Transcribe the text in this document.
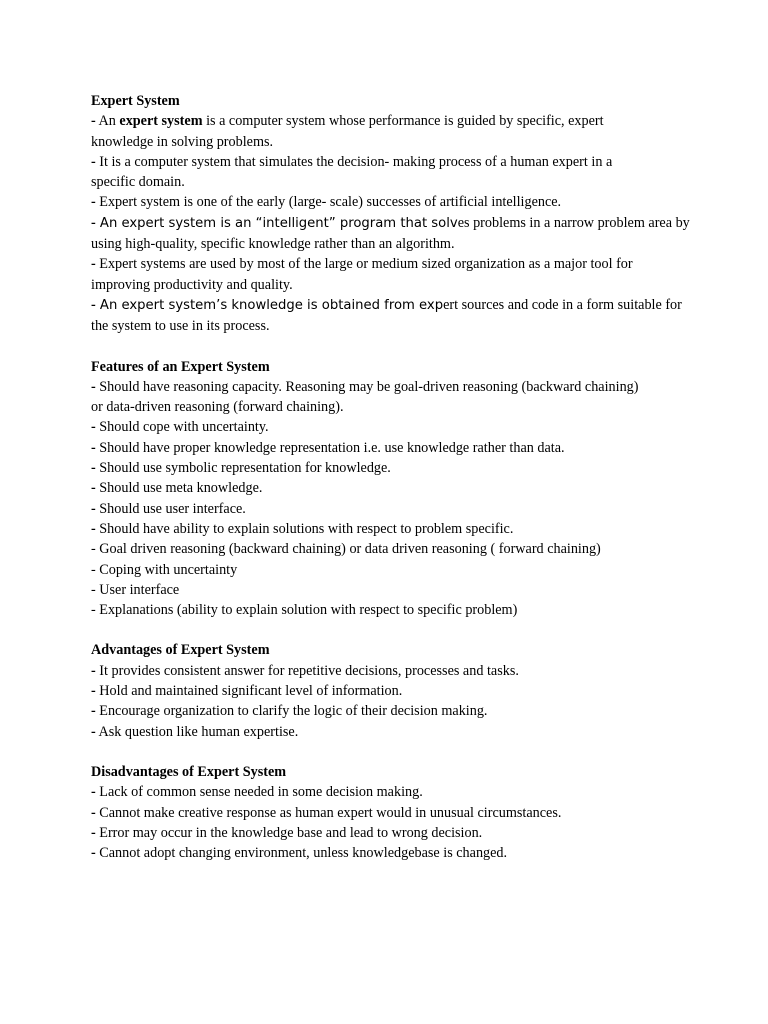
Expert System
- An expert system is a computer system whose performance is guided by specific, expert
knowledge in solving problems.
- It is a computer system that simulates the decision- making process of a human expert in a
specific domain.
- Expert system is one of the early (large- scale) successes of artificial intelligence.
- An expert system is an “intelligent” program that solves problems in a narrow problem area by
using high-quality, specific knowledge rather than an algorithm.
- Expert systems are used by most of the large or medium sized organization as a major tool for
improving productivity and quality.
- An expert system’s knowledge is obtained from expert sources and code in a form suitable for
the system to use in its process.
Features of an Expert System
- Should have reasoning capacity. Reasoning may be goal-driven reasoning (backward chaining)
or data-driven reasoning (forward chaining).
- Should cope with uncertainty.
- Should have proper knowledge representation i.e. use knowledge rather than data.
- Should use symbolic representation for knowledge.
- Should use meta knowledge.
- Should use user interface.
- Should have ability to explain solutions with respect to problem specific.
- Goal driven reasoning (backward chaining) or data driven reasoning ( forward chaining)
- Coping with uncertainty
- User interface
- Explanations (ability to explain solution with respect to specific problem)
Advantages of Expert System
- It provides consistent answer for repetitive decisions, processes and tasks.
- Hold and maintained significant level of information.
- Encourage organization to clarify the logic of their decision making.
- Ask question like human expertise.
Disadvantages of Expert System
- Lack of common sense needed in some decision making.
- Cannot make creative response as human expert would in unusual circumstances.
- Error may occur in the knowledge base and lead to wrong decision.
- Cannot adopt changing environment, unless knowledgebase is changed.
